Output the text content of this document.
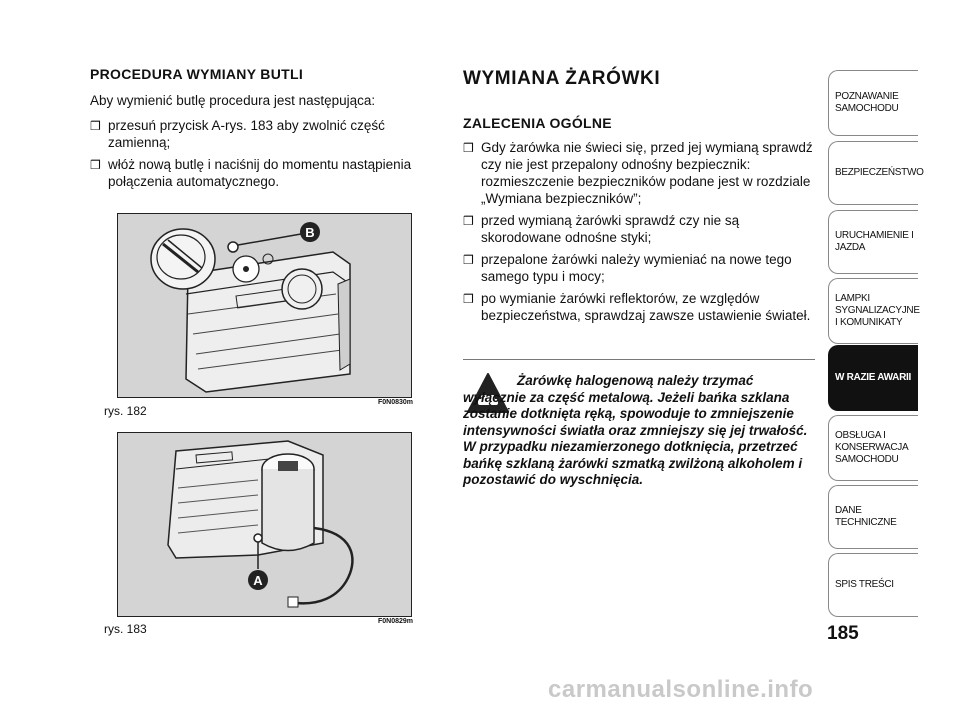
PROCEDURA WYMIANY BUTLI
Aby wymienić butlę procedura jest następująca:
❒ przesuń przycisk A-rys. 183 aby zwolnić część zamienną;
❒ włóż nową butlę i naciśnij do momentu nastąpienia połączenia automatycznego.
B
F0N0830m
rys. 182
A
F0N0829m
rys. 183
WYMIANA ŻARÓWKI
ZALECENIA OGÓLNE
❒ Gdy żarówka nie świeci się, przed jej wymianą sprawdź czy nie jest przepalony odnośny bezpiecznik: rozmieszczenie bezpieczników podane jest w rozdziale „Wymiana bezpieczników”;
❒ przed wymianą żarówki sprawdź czy nie są skorodowane odnośne styki;
❒ przepalone żarówki należy wymieniać na nowe tego samego typu i mocy;
❒ po wymianie żarówki reflektorów, ze względów bezpieczeństwa, sprawdzaj zawsze ustawienie świateł.
Żarówkę halogenową należy trzymać wyłącznie za część metalową. Jeżeli bańka szklana zostanie dotknięta ręką, spowoduje to zmniejszenie intensywności światła oraz zmniejszy się jej trwałość. W przypadku niezamierzonego dotknięcia, przetrzeć bańkę szklaną żarówki szmatką zwilżoną alkoholem i pozostawić do wyschnięcia.
POZNAWANIE SAMOCHODU
BEZPIECZEŃSTWO
URUCHAMIENIE I JAZDA
LAMPKI SYGNALIZACYJNE I KOMUNIKATY
W RAZIE AWARII
OBSŁUGA I KONSERWACJA SAMOCHODU
DANE TECHNICZNE
SPIS TREŚCI
185
carmanualsonline.info
